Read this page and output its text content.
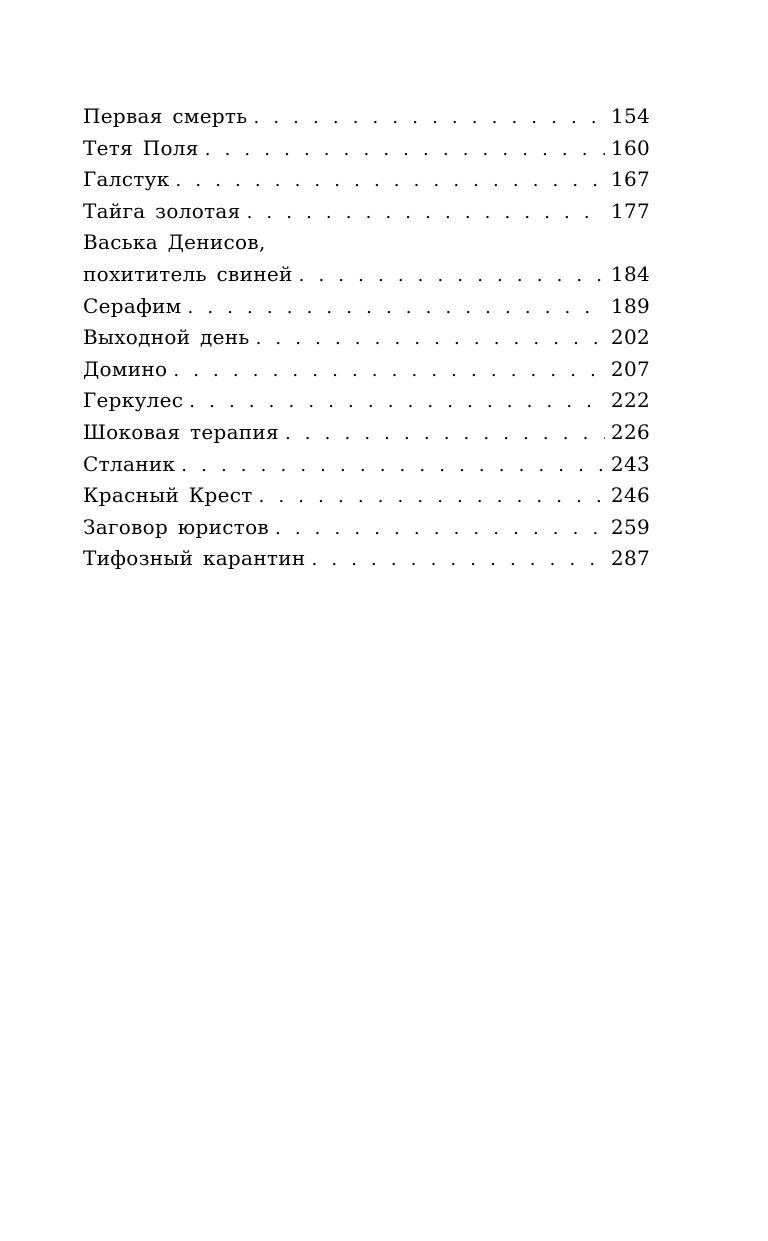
Первая смерть . . .	154
Тетя Поля . . .	160
Галстук . . .	167
Тайга золотая . . .	177
Васька Денисов,
похититель свиней . . .	184
Серафим . . .	189
Выходной день . . .	202
Домино . . .	207
Геркулес . . .	222
Шоковая терапия . . .	226
Стланик . . .	243
Красный Крест . . .	246
Заговор юристов . . .	259
Тифозный карантин . . .	287
